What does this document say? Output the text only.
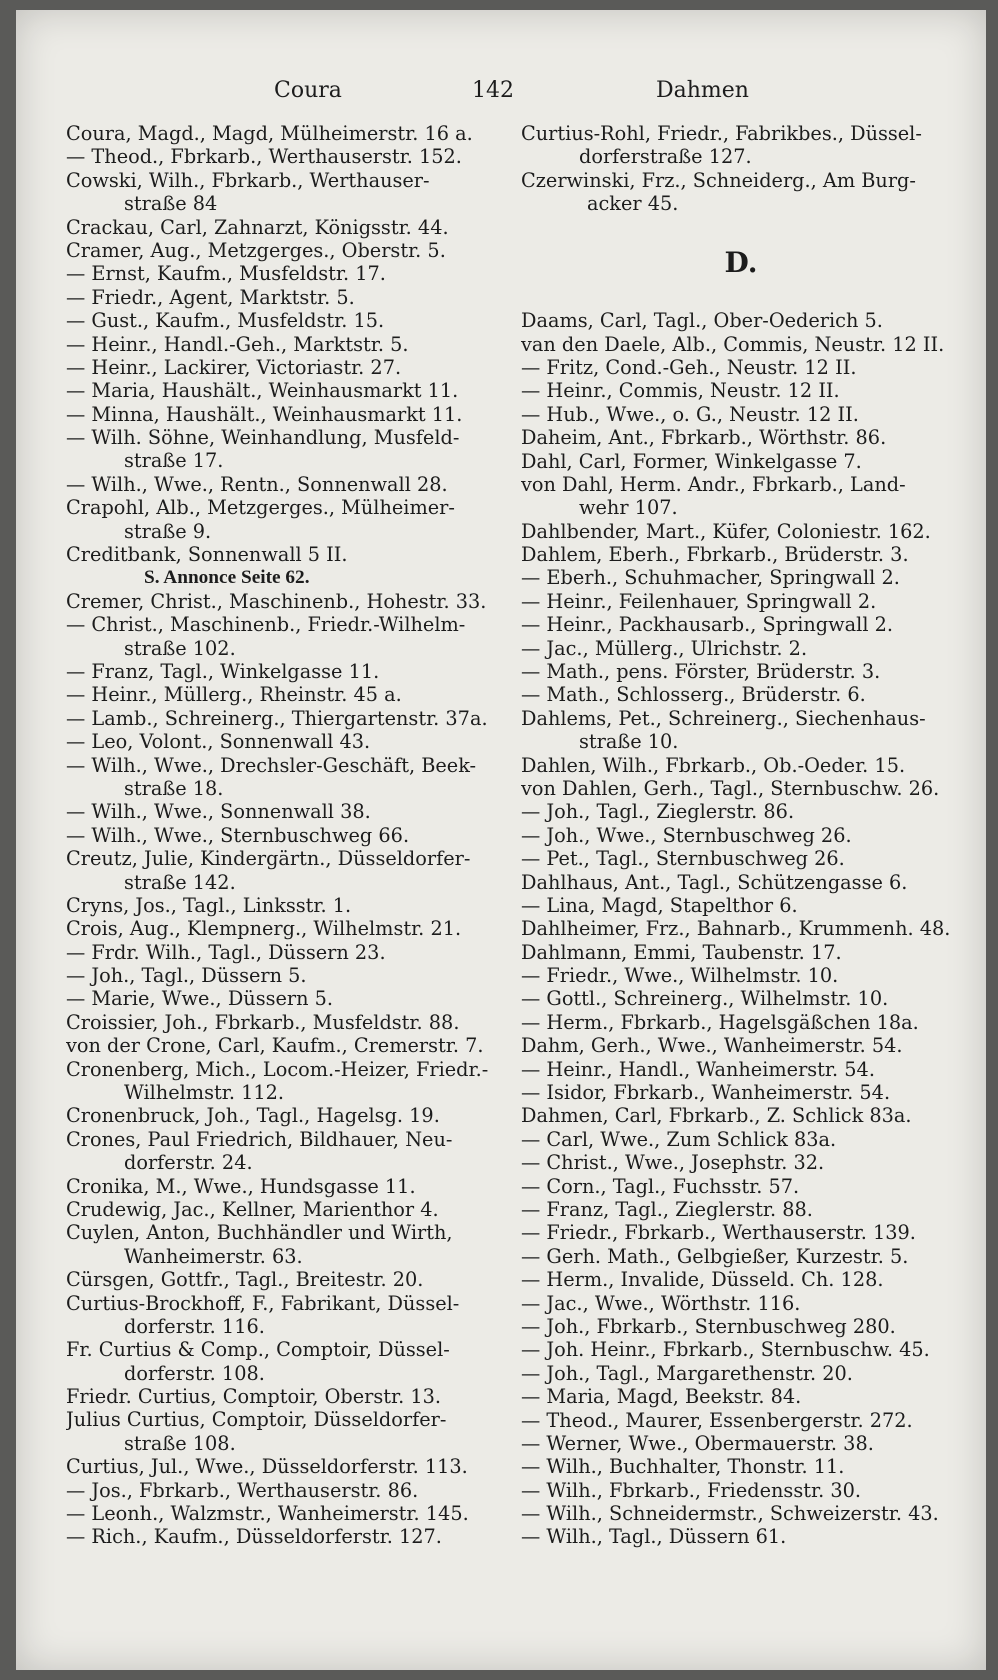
Coura	142	Dahmen
Coura, Magd., Magd, Mülheimerstr. 16 a.
— Theod., Fbrkarb., Werthauserstr. 152.
Cowski, Wilh., Fbrkarb., Werthauser-
straße 84
Crackau, Carl, Zahnarzt, Königsstr. 44.
Cramer, Aug., Metzgerges., Oberstr. 5.
— Ernst, Kaufm., Musfeldstr. 17.
— Friedr., Agent, Marktstr. 5.
— Gust., Kaufm., Musfeldstr. 15.
— Heinr., Handl.-Geh., Marktstr. 5.
— Heinr., Lackirer, Victoriastr. 27.
— Maria, Haushält., Weinhausmarkt 11.
— Minna, Haushält., Weinhausmarkt 11.
— Wilh. Söhne, Weinhandlung, Musfeld-
straße 17.
— Wilh., Wwe., Rentn., Sonnenwall 28.
Crapohl, Alb., Metzgerges., Mülheimer-
straße 9.
Creditbank, Sonnenwall 5 II.
S. Annonce Seite 62.
Cremer, Christ., Maschinenb., Hohestr. 33.
— Christ., Maschinenb., Friedr.-Wilhelm-
straße 102.
— Franz, Tagl., Winkelgasse 11.
— Heinr., Müllerg., Rheinstr. 45 a.
— Lamb., Schreinerg., Thiergartenstr. 37a.
— Leo, Volont., Sonnenwall 43.
— Wilh., Wwe., Drechsler-Geschäft, Beek-
straße 18.
— Wilh., Wwe., Sonnenwall 38.
— Wilh., Wwe., Sternbuschweg 66.
Creutz, Julie, Kindergärtn., Düsseldorfer-
straße 142.
Cryns, Jos., Tagl., Linksstr. 1.
Crois, Aug., Klempnerg., Wilhelmstr. 21.
— Frdr. Wilh., Tagl., Düssern 23.
— Joh., Tagl., Düssern 5.
— Marie, Wwe., Düssern 5.
Croissier, Joh., Fbrkarb., Musfeldstr. 88.
von der Crone, Carl, Kaufm., Cremerstr. 7.
Cronenberg, Mich., Locom.-Heizer, Friedr.-
Wilhelmstr. 112.
Cronenbruck, Joh., Tagl., Hagelsg. 19.
Crones, Paul Friedrich, Bildhauer, Neu-
dorferstr. 24.
Cronika, M., Wwe., Hundsgasse 11.
Crudewig, Jac., Kellner, Marienthor 4.
Cuylen, Anton, Buchhändler und Wirth,
Wanheimerstr. 63.
Cürsgen, Gottfr., Tagl., Breitestr. 20.
Curtius-Brockhoff, F., Fabrikant, Düssel-
dorferstr. 116.
Fr. Curtius & Comp., Comptoir, Düssel-
dorferstr. 108.
Friedr. Curtius, Comptoir, Oberstr. 13.
Julius Curtius, Comptoir, Düsseldorfer-
straße 108.
Curtius, Jul., Wwe., Düsseldorferstr. 113.
— Jos., Fbrkarb., Werthauserstr. 86.
— Leonh., Walzmstr., Wanheimerstr. 145.
— Rich., Kaufm., Düsseldorferstr. 127.
Curtius-Rohl, Friedr., Fabrikbes., Düssel-
dorferstraße 127.
Czerwinski, Frz., Schneiderg., Am Burg-
acker 45.
D.
Daams, Carl, Tagl., Ober-Oederich 5.
van den Daele, Alb., Commis, Neustr. 12 II.
— Fritz, Cond.-Geh., Neustr. 12 II.
— Heinr., Commis, Neustr. 12 II.
— Hub., Wwe., o. G., Neustr. 12 II.
Daheim, Ant., Fbrkarb., Wörthstr. 86.
Dahl, Carl, Former, Winkelgasse 7.
von Dahl, Herm. Andr., Fbrkarb., Land-
wehr 107.
Dahlbender, Mart., Küfer, Coloniestr. 162.
Dahlem, Eberh., Fbrkarb., Brüderstr. 3.
— Eberh., Schuhmacher, Springwall 2.
— Heinr., Feilenhauer, Springwall 2.
— Heinr., Packhausarb., Springwall 2.
— Jac., Müllerg., Ulrichstr. 2.
— Math., pens. Förster, Brüderstr. 3.
— Math., Schlosserg., Brüderstr. 6.
Dahlems, Pet., Schreinerg., Siechenhaus-
straße 10.
Dahlen, Wilh., Fbrkarb., Ob.-Oeder. 15.
von Dahlen, Gerh., Tagl., Sternbuschw. 26.
— Joh., Tagl., Zieglerstr. 86.
— Joh., Wwe., Sternbuschweg 26.
— Pet., Tagl., Sternbuschweg 26.
Dahlhaus, Ant., Tagl., Schützengasse 6.
— Lina, Magd, Stapelthor 6.
Dahlheimer, Frz., Bahnarb., Krummenh. 48.
Dahlmann, Emmi, Taubenstr. 17.
— Friedr., Wwe., Wilhelmstr. 10.
— Gottl., Schreinerg., Wilhelmstr. 10.
— Herm., Fbrkarb., Hagelsgäßchen 18a.
Dahm, Gerh., Wwe., Wanheimerstr. 54.
— Heinr., Handl., Wanheimerstr. 54.
— Isidor, Fbrkarb., Wanheimerstr. 54.
Dahmen, Carl, Fbrkarb., Z. Schlick 83a.
— Carl, Wwe., Zum Schlick 83a.
— Christ., Wwe., Josephstr. 32.
— Corn., Tagl., Fuchsstr. 57.
— Franz, Tagl., Zieglerstr. 88.
— Friedr., Fbrkarb., Werthauserstr. 139.
— Gerh. Math., Gelbgießer, Kurzestr. 5.
— Herm., Invalide, Düsseld. Ch. 128.
— Jac., Wwe., Wörthstr. 116.
— Joh., Fbrkarb., Sternbuschweg 280.
— Joh. Heinr., Fbrkarb., Sternbuschw. 45.
— Joh., Tagl., Margarethenstr. 20.
— Maria, Magd, Beekstr. 84.
— Theod., Maurer, Essenbergerstr. 272.
— Werner, Wwe., Obermauerstr. 38.
— Wilh., Buchhalter, Thonstr. 11.
— Wilh., Fbrkarb., Friedensstr. 30.
— Wilh., Schneidermstr., Schweizerstr. 43.
— Wilh., Tagl., Düssern 61.
